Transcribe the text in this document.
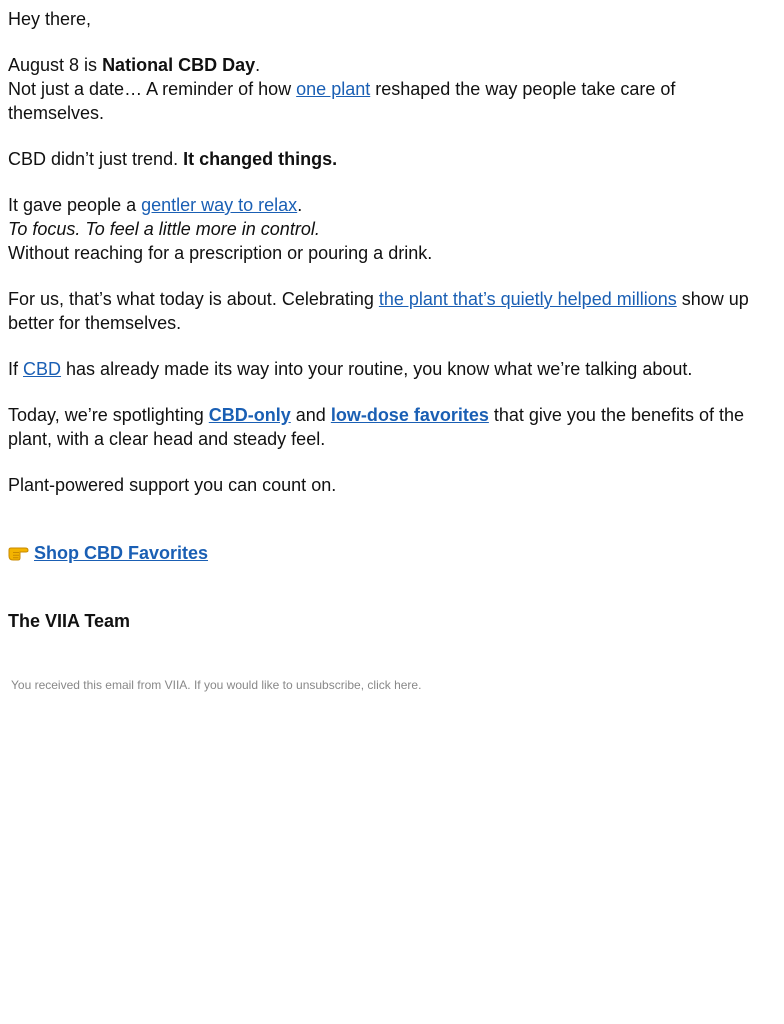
Hey there,

August 8 is National CBD Day.

Not just a date… A reminder of how one plant reshaped the way people take care of themselves.

CBD didn’t just trend. It changed things.

It gave people a gentler way to relax.

To focus. To feel a little more in control.

Without reaching for a prescription or pouring a drink.

For us, that’s what today is about. Celebrating the plant that’s quietly helped millions show up better for themselves.

If CBD has already made its way into your routine, you know what we’re talking about.

Today, we’re spotlighting CBD-only and low-dose favorites that give you the benefits of the plant, with a clear head and steady feel.

Plant-powered support you can count on.

Shop CBD Favorites

The VIIA Team

You received this email from VIIA. If you would like to unsubscribe, click here.
